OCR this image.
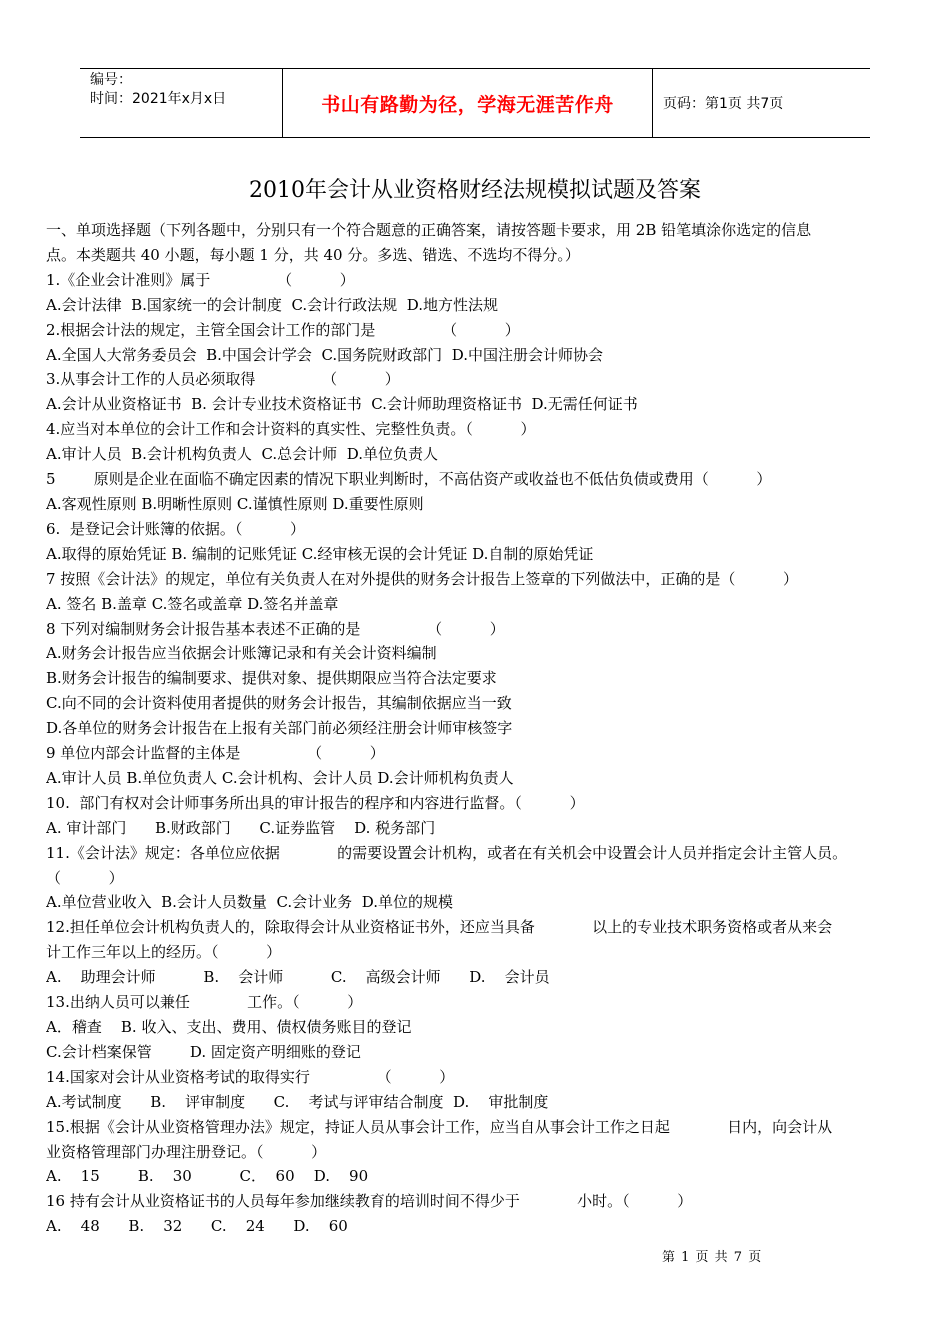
编号：
时间：2021年x月x日	书山有路勤为径，学海无涯苦作舟	页码：第1页 共7页
2010年会计从业资格财经法规模拟试题及答案
一、单项选择题（下列各题中，分别只有一个符合题意的正确答案，请按答题卡要求，用 2B 铅笔填涂你选定的信息
点。本类题共 40 小题，每小题 1 分，共 40 分。多选、错选、不选均不得分。）
1.《企业会计准则》属于              （          ）
A.会计法律  B.国家统一的会计制度  C.会计行政法规  D.地方性法规
2.根据会计法的规定，主管全国会计工作的部门是              （          ）
A.全国人大常务委员会  B.中国会计学会  C.国务院财政部门  D.中国注册会计师协会
3.从事会计工作的人员必须取得              （          ）
A.会计从业资格证书  B. 会计专业技术资格证书  C.会计师助理资格证书  D.无需任何证书
4.应当对本单位的会计工作和会计资料的真实性、完整性负责。（          ）
A.审计人员  B.会计机构负责人  C.总会计师  D.单位负责人
5        原则是企业在面临不确定因素的情况下职业判断时，不高估资产或收益也不低估负债或费用（          ）
A.客观性原则 B.明晰性原则 C.谨慎性原则 D.重要性原则
6.  是登记会计账簿的依据。（          ）
A.取得的原始凭证 B. 编制的记账凭证 C.经审核无误的会计凭证 D.自制的原始凭证
7 按照《会计法》的规定，单位有关负责人在对外提供的财务会计报告上签章的下列做法中，正确的是（          ）
A. 签名 B.盖章 C.签名或盖章 D.签名并盖章
8 下列对编制财务会计报告基本表述不正确的是              （          ）
A.财务会计报告应当依据会计账簿记录和有关会计资料编制
B.财务会计报告的编制要求、提供对象、提供期限应当符合法定要求
C.向不同的会计资料使用者提供的财务会计报告，其编制依据应当一致
D.各单位的财务会计报告在上报有关部门前必须经注册会计师审核签字
9 单位内部会计监督的主体是              （          ）
A.审计人员 B.单位负责人 C.会计机构、会计人员 D.会计师机构负责人
10.  部门有权对会计师事务所出具的审计报告的程序和内容进行监督。（          ）
A. 审计部门      B.财政部门      C.证券监管    D. 税务部门
11.《会计法》规定：各单位应依据            的需要设置会计机构，或者在有关机会中设置会计人员并指定会计主管人员。
（          ）
A.单位营业收入  B.会计人员数量  C.会计业务  D.单位的规模
12.担任单位会计机构负责人的，除取得会计从业资格证书外，还应当具备            以上的专业技术职务资格或者从来会
计工作三年以上的经历。（          ）
A.    助理会计师          B.    会计师          C.    高级会计师      D.    会计员
13.出纳人员可以兼任            工作。（          ）
A．稽查    B. 收入、支出、费用、债权债务账目的登记
C.会计档案保管        D. 固定资产明细账的登记
14.国家对会计从业资格考试的取得实行              （          ）
A.考试制度      B.    评审制度      C.    考试与评审结合制度  D.    审批制度
15.根据《会计从业资格管理办法》规定，持证人员从事会计工作，应当自从事会计工作之日起            日内，向会计从
业资格管理部门办理注册登记。（          ）
A.    15        B.    30          C．  60    D.    90
16 持有会计从业资格证书的人员每年参加继续教育的培训时间不得少于            小时。（          ）
A.    48      B.    32      C.    24      D.    60
第 1 页 共 7 页
